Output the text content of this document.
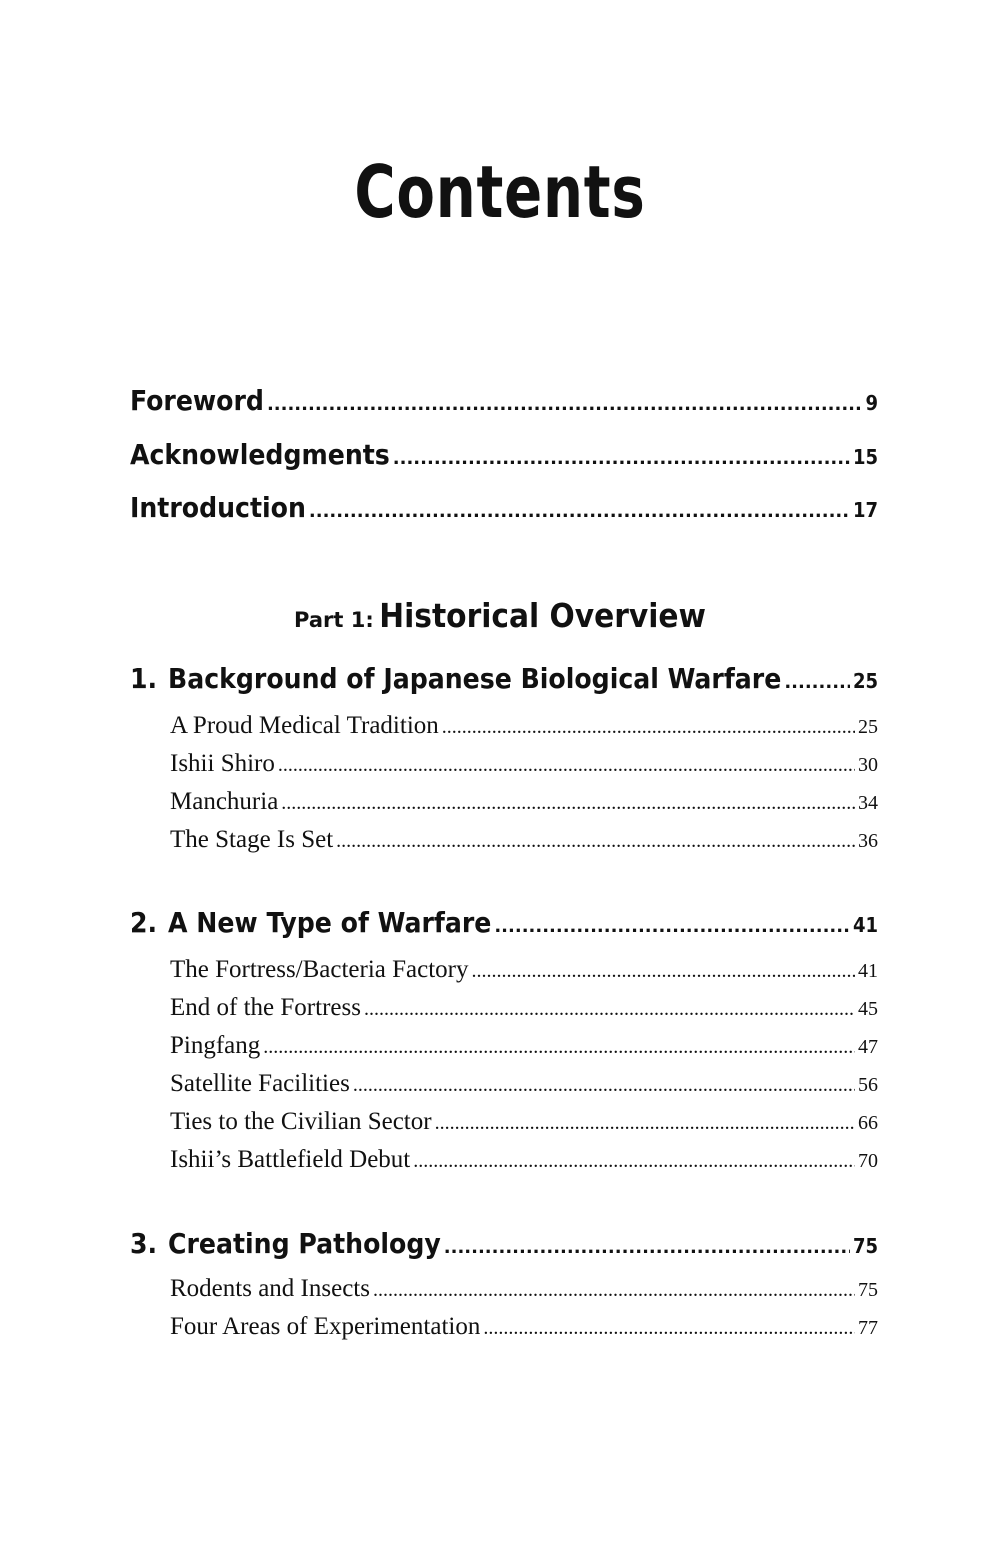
Contents
Foreword .....	9
Acknowledgments .....	15
Introduction .....	17
Part 1: Historical Overview
1. Background of Japanese Biological Warfare .....	25
A Proud Medical Tradition .....	25
Ishii Shiro .....	30
Manchuria .....	34
The Stage Is Set .....	36
2. A New Type of Warfare .....	41
The Fortress/Bacteria Factory .....	41
End of the Fortress .....	45
Pingfang .....	47
Satellite Facilities .....	56
Ties to the Civilian Sector .....	66
Ishii’s Battlefield Debut .....	70
3. Creating Pathology .....	75
Rodents and Insects .....	75
Four Areas of Experimentation .....	77
